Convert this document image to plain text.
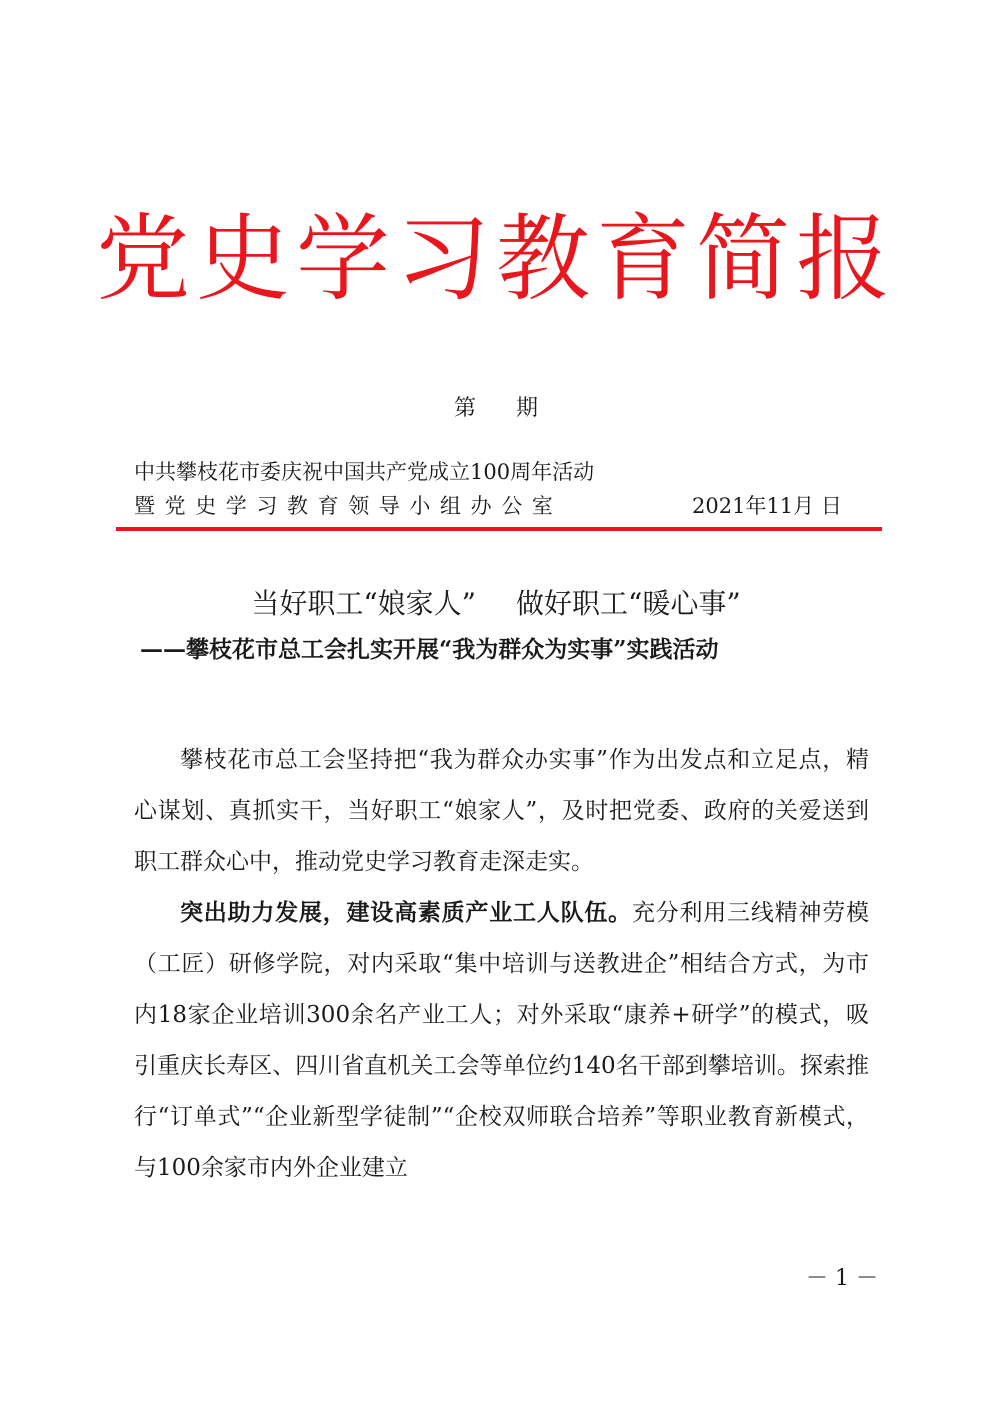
党史学习教育简报
第 期
中共攀枝花市委庆祝中国共产党成立100周年活动
暨党史学习教育领导小组办公室	2021年11月 日
当好职工“娘家人” 做好职工“暖心事”
——攀枝花市总工会扎实开展“我为群众为实事”实践活动

攀枝花市总工会坚持把“我为群众办实事”作为出发点和立足点，精心谋划、真抓实干，当好职工“娘家人”，及时把党委、政府的关爱送到职工群众心中，推动党史学习教育走深走实。

突出助力发展，建设高素质产业工人队伍。充分利用三线精神劳模（工匠）研修学院，对内采取“集中培训与送教进企”相结合方式，为市内18家企业培训300余名产业工人；对外采取“康养+研学”的模式，吸引重庆长寿区、四川省直机关工会等单位约140名干部到攀培训。探索推行“订单式”“企业新型学徒制”“企校双师联合培养”等职业教育新模式，与100余家市内外企业建立

－ 1 －
